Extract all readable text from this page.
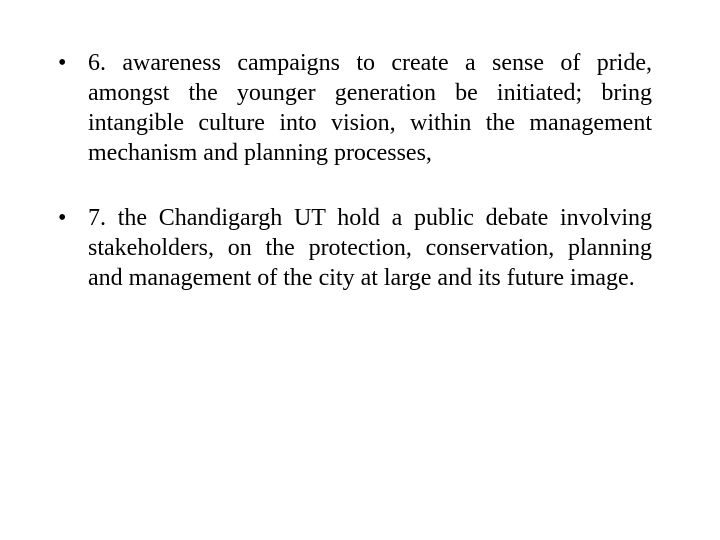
• 6. awareness campaigns to create a sense of pride, amongst the younger generation be initiated; bring intangible culture into vision, within the management mechanism and planning processes,
• 7. the Chandigargh UT hold a public debate involving stakeholders, on the protection, conservation, planning and management of the city at large and its future image.
